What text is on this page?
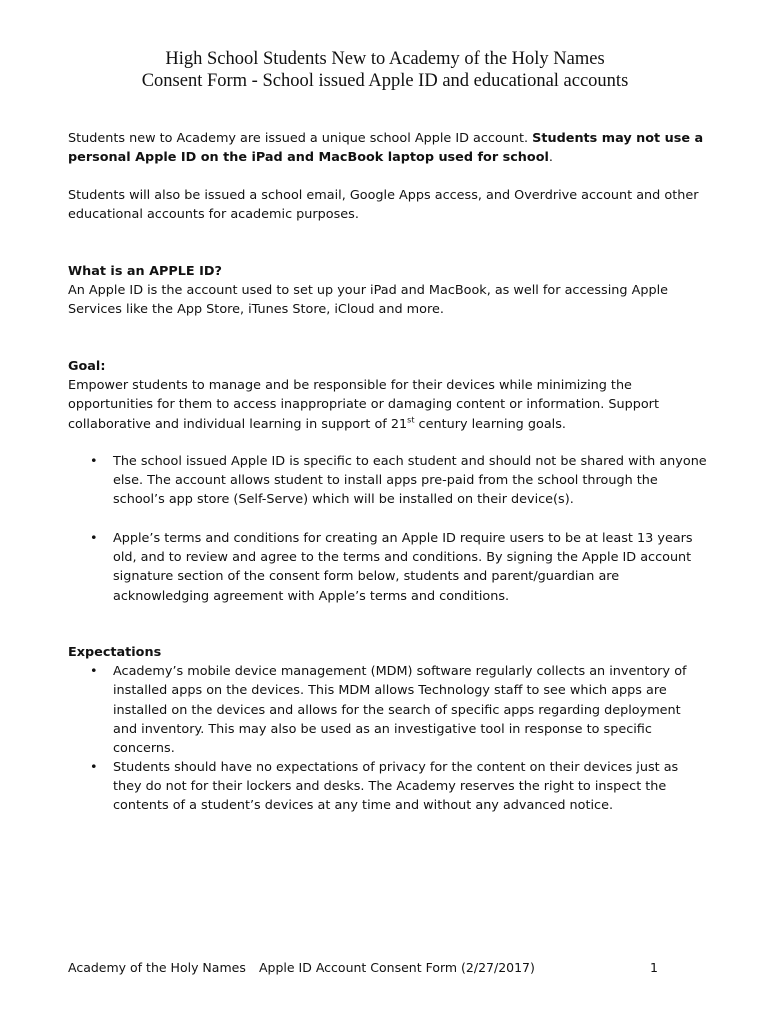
High School Students New to Academy of the Holy Names
Consent Form - School issued Apple ID and educational accounts

Students new to Academy are issued a unique school Apple ID account. Students may not use a personal Apple ID on the iPad and MacBook laptop used for school.

Students will also be issued a school email, Google Apps access, and Overdrive account and other educational accounts for academic purposes.

What is an APPLE ID?

An Apple ID is the account used to set up your iPad and MacBook, as well for accessing Apple Services like the App Store, iTunes Store, iCloud and more.

Goal:

Empower students to manage and be responsible for their devices while minimizing the opportunities for them to access inappropriate or damaging content or information. Support collaborative and individual learning in support of 21st century learning goals.

• The school issued Apple ID is specific to each student and should not be shared with anyone else. The account allows student to install apps pre-paid from the school through the school’s app store (Self-Serve) which will be installed on their device(s).
• Apple’s terms and conditions for creating an Apple ID require users to be at least 13 years old, and to review and agree to the terms and conditions. By signing the Apple ID account signature section of the consent form below, students and parent/guardian are acknowledging agreement with Apple’s terms and conditions.

Expectations

• Academy’s mobile device management (MDM) software regularly collects an inventory of installed apps on the devices. This MDM allows Technology staff to see which apps are installed on the devices and allows for the search of specific apps regarding deployment and inventory. This may also be used as an investigative tool in response to specific concerns.
• Students should have no expectations of privacy for the content on their devices just as they do not for their lockers and desks. The Academy reserves the right to inspect the contents of a student’s devices at any time and without any advanced notice.
Academy of the Holy Names Apple ID Account Consent Form (2/27/2017)	1
